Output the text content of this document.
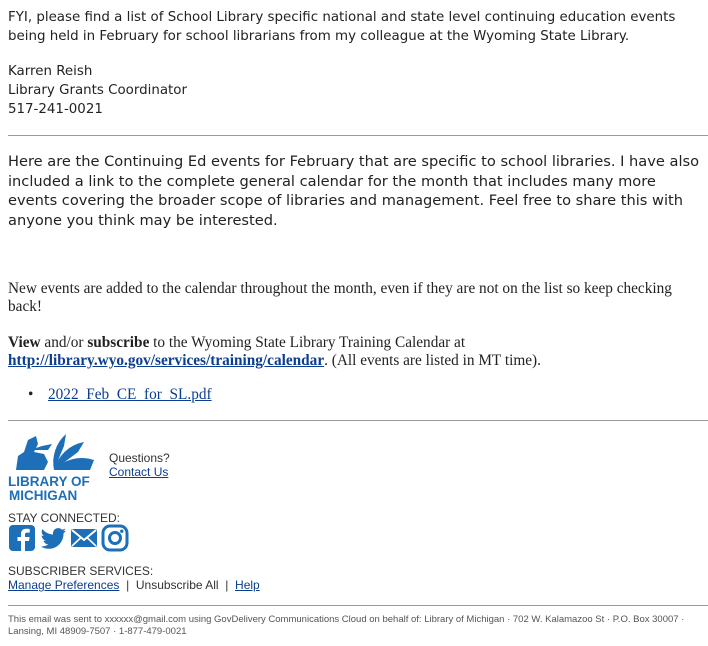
FYI, please find a list of School Library specific national and state level continuing education events being held in February for school librarians from my colleague at the Wyoming State Library.

Karren Reish
Library Grants Coordinator
517-241-0021

Here are the Continuing Ed events for February that are specific to school libraries. I have also included a link to the complete general calendar for the month that includes many more events covering the broader scope of libraries and management. Feel free to share this with anyone you think may be interested.

New events are added to the calendar throughout the month, even if they are not on the list so keep checking back!

View and/or subscribe to the Wyoming State Library Training Calendar at http://library.wyo.gov/services/training/calendar. (All events are listed in MT time).

• 2022_Feb_CE_for_SL.pdf
LIBRARY OF
MICHIGAN
Questions?
Contact Us
STAY CONNECTED:
SUBSCRIBER SERVICES:
Manage Preferences  |  Unsubscribe All  |  Help
This email was sent to xxxxxx@gmail.com using GovDelivery Communications Cloud on behalf of: Library of Michigan · 702 W. Kalamazoo St · P.O. Box 30007 · Lansing, MI 48909-7507 · 1-877-479-0021
